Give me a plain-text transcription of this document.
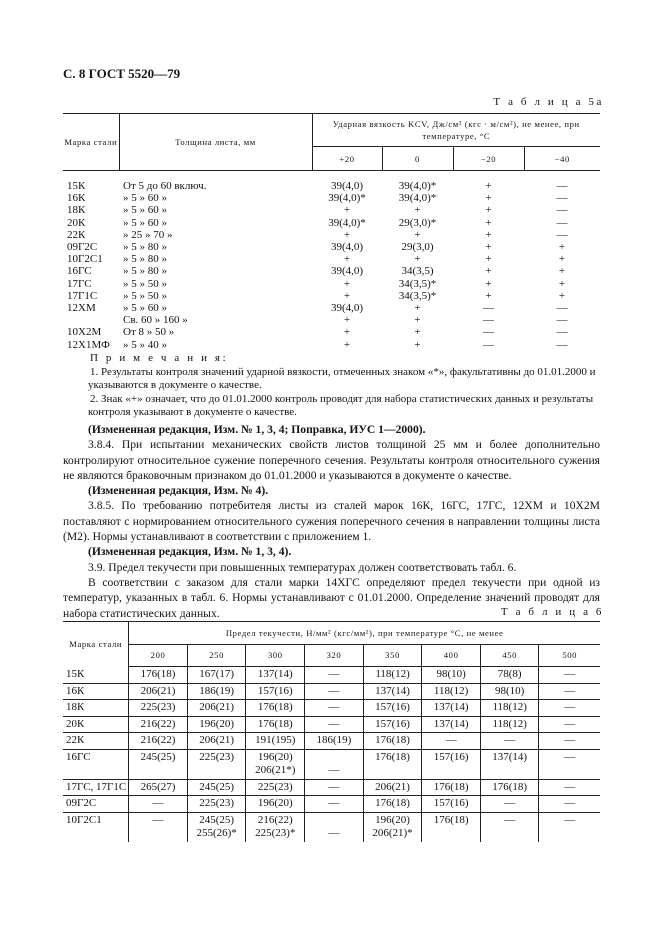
С. 8 ГОСТ 5520—79
Т а б л и ц а 5а
Марка стали	Толщина листа, мм	Ударная вязкость KCV, Дж/см² (кгс · м/см²), не менее, при температуре, °С			
		+20	0	−20	−40

15К	От 5 до 60 включ.	39(4,0)	39(4,0)*	+	—
16К	» 5 » 60 »	39(4,0)*	39(4,0)*	+	—
18К	» 5 » 60 »	+	+	+	—
20К	» 5 » 60 »	39(4,0)*	29(3,0)*	+	—
22К	» 25 » 70 »	+	+	+	—
09Г2С	» 5 » 80 »	39(4,0)	29(3,0)	+	+
10Г2С1	» 5 » 80 »	+	+	+	+
16ГС	» 5 » 80 »	39(4,0)	34(3,5)	+	+
17ГС	» 5 » 50 »	+	34(3,5)*	+	+
17Г1С	» 5 » 50 »	+	34(3,5)*	+	+
12ХМ	» 5 » 60 »	39(4,0)	+	—	—
	Св. 60 » 160 »	+	+	—	—
10Х2М	От 8 » 50 »	+	+	—	—
12Х1МФ	» 5 » 40 »	+	+	—	—
П р и м е ч а н и я:

1. Результаты контроля значений ударной вязкости, отмеченных знаком «*», факультативны до 01.01.2000 и указываются в документе о качестве.

2. Знак «+» означает, что до 01.01.2000 контроль проводят для набора статистических данных и результаты контроля указывают в документе о качестве.

(Измененная редакция, Изм. № 1, 3, 4; Поправка, ИУС 1—2000).

3.8.4. При испытании механических свойств листов толщиной 25 мм и более дополнительно контролируют относительное сужение поперечного сечения. Результаты контроля относительного сужения не являются браковочным признаком до 01.01.2000 и указываются в документе о качестве.

(Измененная редакция, Изм. № 4).

3.8.5. По требованию потребителя листы из сталей марок 16К, 16ГС, 17ГС, 12ХМ и 10Х2М поставляют с нормированием относительного сужения поперечного сечения в направлении толщины листа (М2). Нормы устанавливают в соответствии с приложением 1.

(Измененная редакция, Изм. № 1, 3, 4).

3.9. Предел текучести при повышенных температурах должен соответствовать табл. 6.

В соответствии с заказом для стали марки 14ХГС определяют предел текучести при одной из температур, указанных в табл. 6. Нормы устанавливают с 01.01.2000. Определение значений проводят для набора статистических данных.	Т а б л и ц а 6
Марка стали	Предел текучести, Н/мм² (кгс/мм²), при температуре °С, не менее							
	200	250	300	320	350	400	450	500
15К	176(18)	167(17)	137(14)	—	118(12)	98(10)	78(8)	—

16К	206(21)	186(19)	157(16)	—	137(14)	118(12)	98(10)	—

18К	225(23)	206(21)	176(18)	—	157(16)	137(14)	118(12)	—

20К	216(22)	196(20)	176(18)	—	157(16)	137(14)	118(12)	—

22К	216(22)	206(21)	191(195)	186(19)	176(18)	—	—	—

16ГС	245(25)	225(23)	196(20)
206(21*)	—	176(18)	157(16)	137(14)	—

17ГС, 17Г1С	265(27)	245(25)	225(23)	—	206(21)	176(18)	176(18)	—

09Г2С	—	225(23)	196(20)	—	176(18)	157(16)	—	—

10Г2С1	—	245(25)
255(26)*	216(22)
225(23)*	—	196(20)
206(21)*	176(18)	—	—
